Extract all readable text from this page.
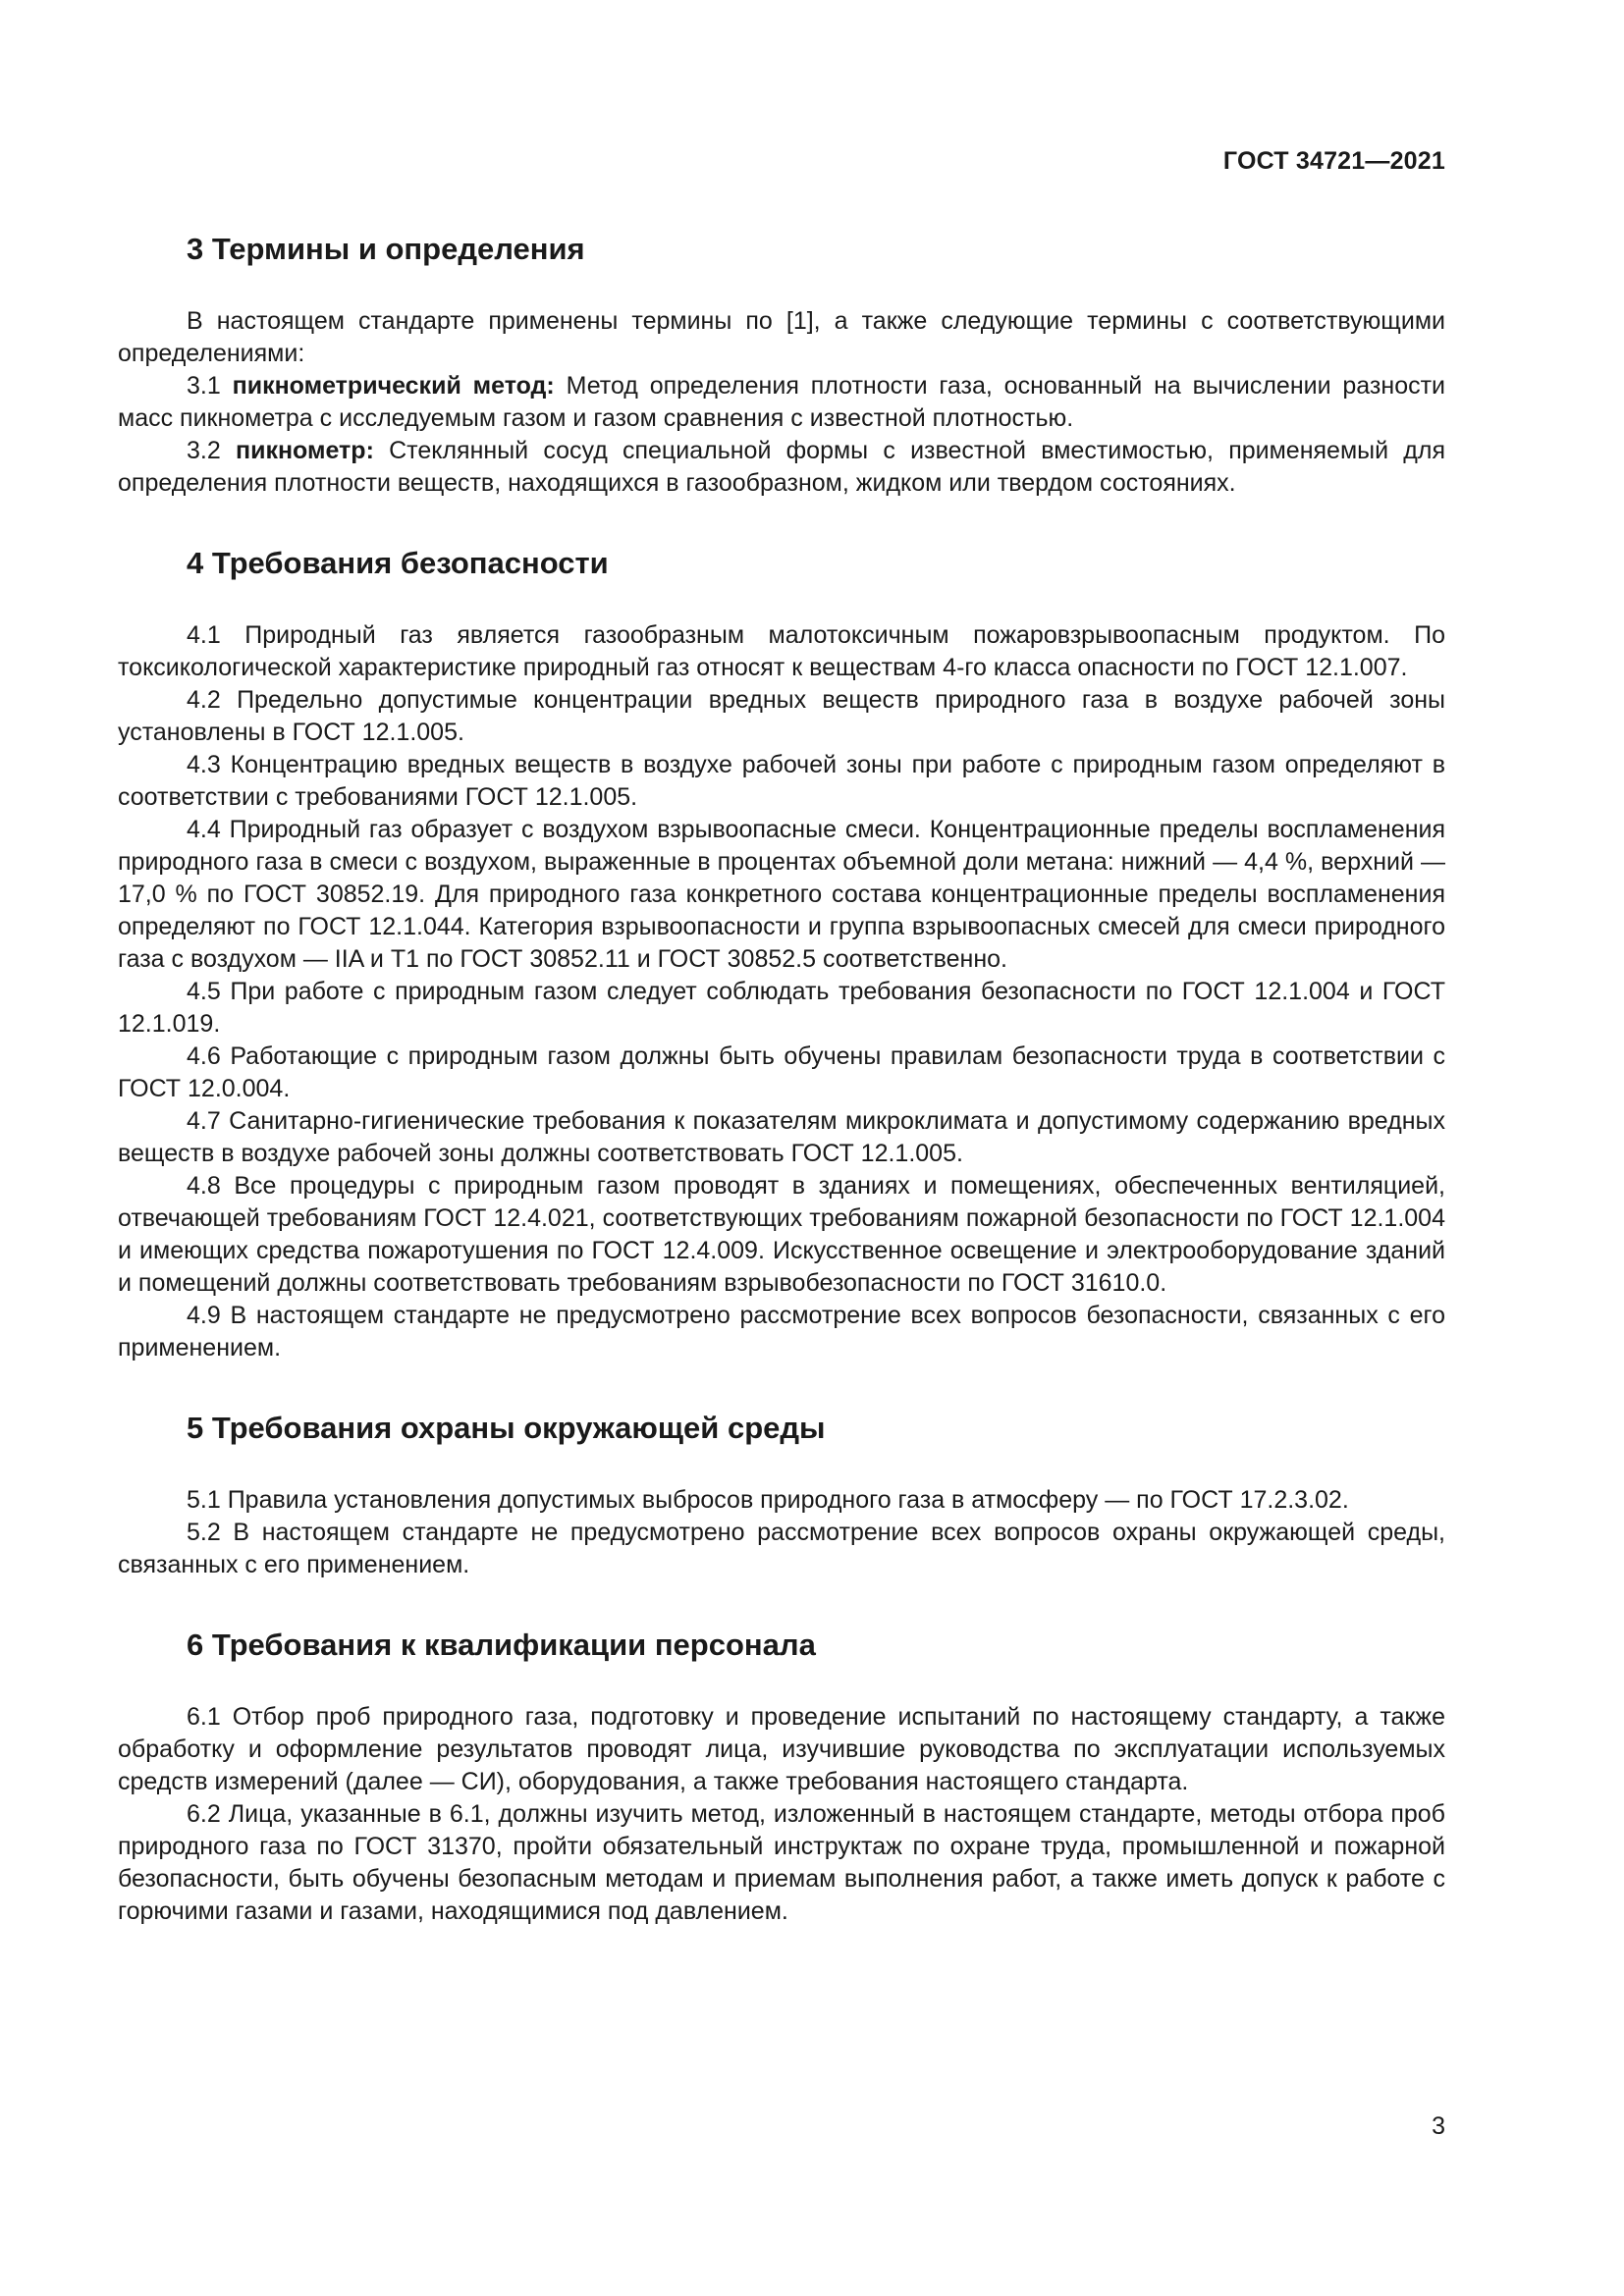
ГОСТ 34721—2021
3 Термины и определения

В настоящем стандарте применены термины по [1], а также следующие термины с соответствующими определениями:

3.1 пикнометрический метод: Метод определения плотности газа, основанный на вычислении разности масс пикнометра с исследуемым газом и газом сравнения с известной плотностью.

3.2 пикнометр: Стеклянный сосуд специальной формы с известной вместимостью, применяемый для определения плотности веществ, находящихся в газообразном, жидком или твердом состояниях.

4 Требования безопасности

4.1 Природный газ является газообразным малотоксичным пожаровзрывоопасным продуктом. По токсикологической характеристике природный газ относят к веществам 4-го класса опасности по ГОСТ 12.1.007.

4.2 Предельно допустимые концентрации вредных веществ природного газа в воздухе рабочей зоны установлены в ГОСТ 12.1.005.

4.3 Концентрацию вредных веществ в воздухе рабочей зоны при работе с природным газом определяют в соответствии с требованиями ГОСТ 12.1.005.

4.4 Природный газ образует с воздухом взрывоопасные смеси. Концентрационные пределы воспламенения природного газа в смеси с воздухом, выраженные в процентах объемной доли метана: нижний — 4,4 %, верхний — 17,0 % по ГОСТ 30852.19. Для природного газа конкретного состава концентрационные пределы воспламенения определяют по ГОСТ 12.1.044. Категория взрывоопасности и группа взрывоопасных смесей для смеси природного газа с воздухом — IIA и Т1 по ГОСТ 30852.11 и ГОСТ 30852.5 соответственно.

4.5 При работе с природным газом следует соблюдать требования безопасности по ГОСТ 12.1.004 и ГОСТ 12.1.019.

4.6 Работающие с природным газом должны быть обучены правилам безопасности труда в соответствии с ГОСТ 12.0.004.

4.7 Санитарно-гигиенические требования к показателям микроклимата и допустимому содержанию вредных веществ в воздухе рабочей зоны должны соответствовать ГОСТ 12.1.005.

4.8 Все процедуры с природным газом проводят в зданиях и помещениях, обеспеченных вентиляцией, отвечающей требованиям ГОСТ 12.4.021, соответствующих требованиям пожарной безопасности по ГОСТ 12.1.004 и имеющих средства пожаротушения по ГОСТ 12.4.009. Искусственное освещение и электрооборудование зданий и помещений должны соответствовать требованиям взрывобезопасности по ГОСТ 31610.0.

4.9 В настоящем стандарте не предусмотрено рассмотрение всех вопросов безопасности, связанных с его применением.

5 Требования охраны окружающей среды

5.1 Правила установления допустимых выбросов природного газа в атмосферу — по ГОСТ 17.2.3.02.

5.2 В настоящем стандарте не предусмотрено рассмотрение всех вопросов охраны окружающей среды, связанных с его применением.

6 Требования к квалификации персонала

6.1 Отбор проб природного газа, подготовку и проведение испытаний по настоящему стандарту, а также обработку и оформление результатов проводят лица, изучившие руководства по эксплуатации используемых средств измерений (далее — СИ), оборудования, а также требования настоящего стандарта.

6.2 Лица, указанные в 6.1, должны изучить метод, изложенный в настоящем стандарте, методы отбора проб природного газа по ГОСТ 31370, пройти обязательный инструктаж по охране труда, промышленной и пожарной безопасности, быть обучены безопасным методам и приемам выполнения работ, а также иметь допуск к работе с горючими газами и газами, находящимися под давлением.

3
